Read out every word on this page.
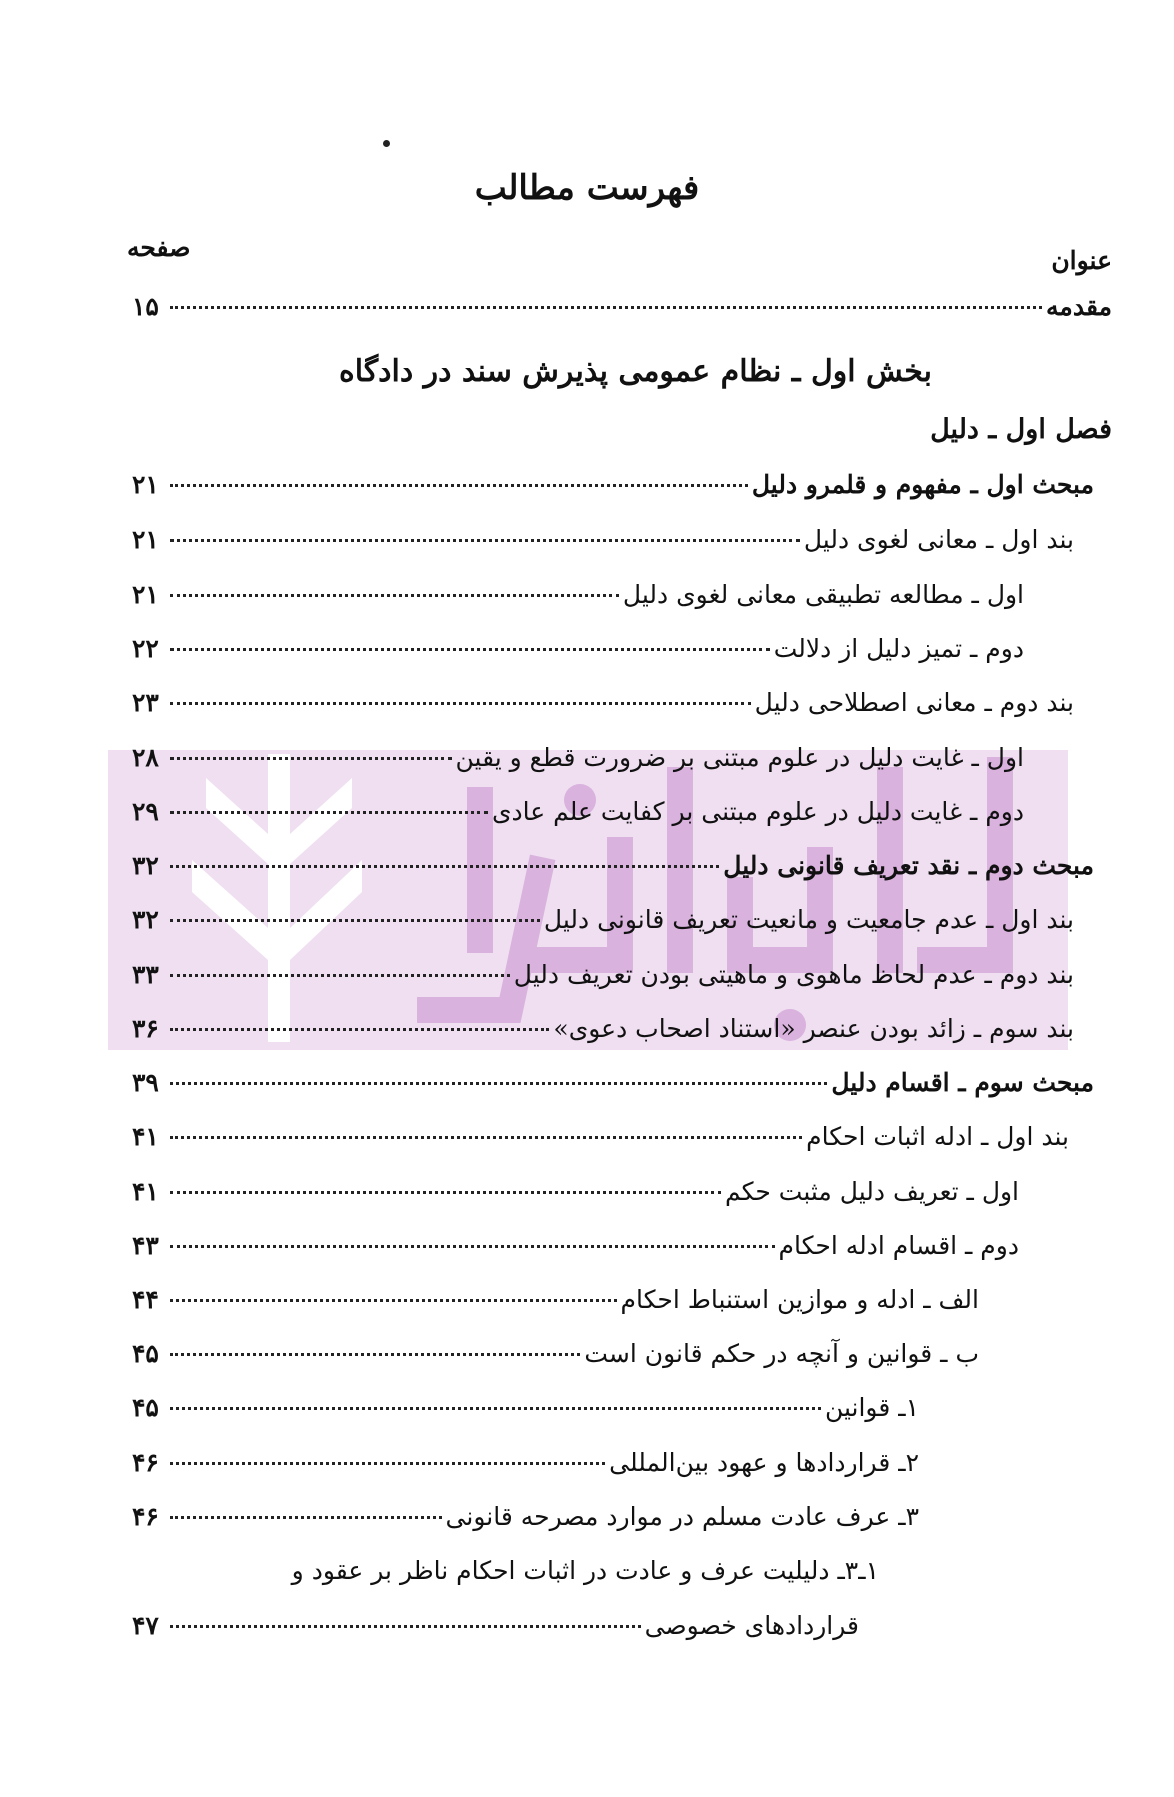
فهرست مطالب
صفحه	عنوان
مقدمه
۱۵
بخش اول ـ نظام عمومی پذیرش سند در دادگاه
فصل اول ـ دلیل
مبحث اول ـ مفهوم و قلمرو دلیل
۲۱
بند اول ـ معانی لغوی دلیل
۲۱
اول ـ مطالعه تطبیقی معانی لغوی دلیل
۲۱
دوم ـ تمیز دلیل از دلالت
۲۲
بند دوم ـ معانی اصطلاحی دلیل
۲۳
اول ـ غایت دلیل در علوم مبتنی بر ضرورت قطع و یقین
۲۸
دوم ـ غایت دلیل در علوم مبتنی بر کفایت علم عادی
۲۹
مبحث دوم ـ نقد تعریف قانونی دلیل
۳۲
بند اول ـ عدم جامعیت و مانعیت تعریف قانونی دلیل
۳۲
بند دوم ـ عدم لحاظ ماهوی و ماهیتی بودن تعریف دلیل
۳۳
بند سوم ـ زائد بودن عنصر «استناد اصحاب دعوی»
۳۶
مبحث سوم ـ اقسام دلیل
۳۹
بند اول ـ ادله اثبات احکام
۴۱
اول ـ تعریف دلیل مثبت حکم
۴۱
دوم ـ اقسام ادله احکام
۴۳
الف ـ ادله و موازین استنباط احکام
۴۴
ب ـ قوانین و آنچه در حکم قانون است
۴۵
۱ـ قوانین
۴۵
۲ـ قراردادها و عهود بین‌المللی
۴۶
۳ـ عرف عادت مسلم در موارد مصرحه قانونی
۴۶
۱ـ۳ـ دلیلیت عرف و عادت در اثبات احکام ناظر بر عقود و
قراردادهای خصوصی
۴۷
